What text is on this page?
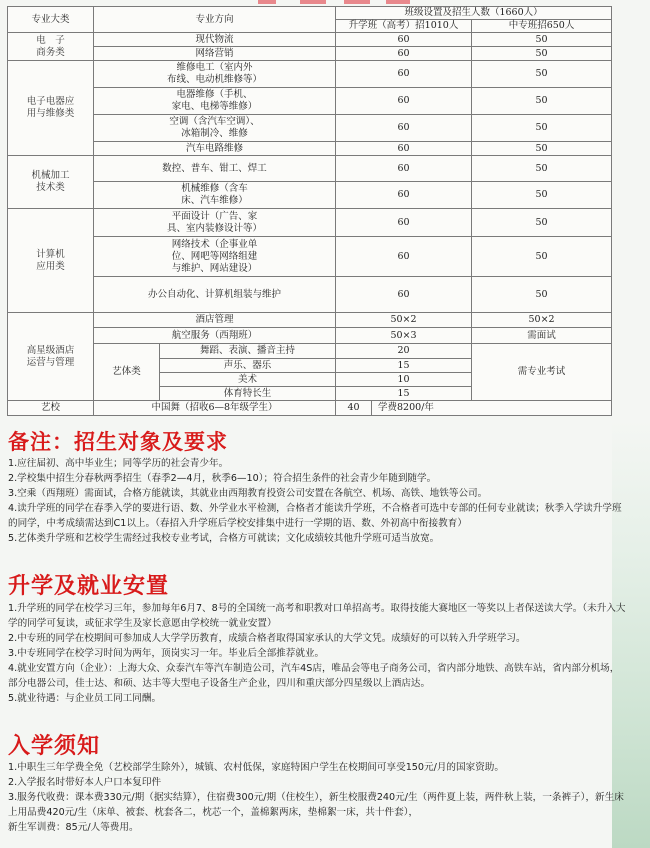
专业大类	专业方向		班级设置及招生人数（1660人）		
			升学班（高考）招1010人		中专班招650人
电　子
商务类	现代物流		60		50
	网络营销		60		50
电子电器应
用与维修类	维修电工（室内外
布线、电动机维修等）		60		50
	电器维修（手机、
家电、电梯等维修）		60		50
	空调（含汽车空调）、
冰箱制冷、维修		60		50
	汽车电路维修		60		50
机械加工
技术类	数控、普车、钳工、焊工		60		50
	机械维修（含车
床、汽车维修）		60		50
计算机
应用类	平面设计（广告、家
具、室内装修设计等）		60		50
	网络技术（企事业单
位、网吧等网络组建
与维护、网站建设）		60		50
	办公自动化、计算机组装与维护		60		50
高星级酒店
运营与管理	酒店管理		50×2		50×2
	航空服务（西翔班）		50×3		需面试
	艺体类	舞蹈、表演、播音主持	20		需专业考试
		声乐、器乐	15		
		美术	10		
		体育特长生	15		
艺校	中国舞（招收6—8年级学生）		40	学费8200/年	
备注：招生对象及要求

1.应往届初、高中毕业生；同等学历的社会青少年。

2.学校集中招生分春秋两季招生（春季2—4月，秋季6—10）；符合招生条件的社会青少年随到随学。

3.空乘（西翔班）需面试，合格方能就读，其就业由西翔教育投资公司安置在各航空、机场、高铁、地铁等公司。

4.读升学班的同学在春季入学的要进行语、数、外学业水平检测，合格者才能读升学班，不合格者可选中专部的任何专业就读；秋季入学读升学班的同学，中考成绩需达到C1以上。（春招入升学班后学校安排集中进行一学期的语、数、外初高中衔接教育）

5.艺体类升学班和艺校学生需经过我校专业考试，合格方可就读；文化成绩较其他升学班可适当放宽。

升学及就业安置

1.升学班的同学在校学习三年，参加每年6月7、8号的全国统一高考和职教对口单招高考。取得技能大赛地区一等奖以上者保送读大学。（未升入大学的同学可复读，或征求学生及家长意愿由学校统一就业安置）

2.中专班的同学在校期间可参加成人大学学历教育，成绩合格者取得国家承认的大学文凭。成绩好的可以转入升学班学习。

3.中专班同学在校学习时间为两年，顶岗实习一年。毕业后全部推荐就业。

4.就业安置方向（企业）：上海大众、众泰汽车等汽车制造公司，汽车4S店，唯品会等电子商务公司，省内部分地铁、高铁车站，省内部分机场，部分电器公司，佳士达、和硕、达丰等大型电子设备生产企业，四川和重庆部分四星级以上酒店达。

5.就业待遇：与企业员工同工同酬。

入学须知

1.中职生三年学费全免（艺校部学生除外），城镇、农村低保，家庭特困户学生在校期间可享受150元/月的国家资助。

2.入学报名时带好本人户口本复印件

3.服务代收费：课本费330元/期（据实结算），住宿费300元/期（住校生），新生校服费240元/生（两件夏上装，两件秋上装，一条裤子），新生床上用品费420元/生（床单、被套、枕套各二，枕芯一个，盖棉絮两床，垫棉絮一床，共十件套），

新生军训费：85元/人等费用。
